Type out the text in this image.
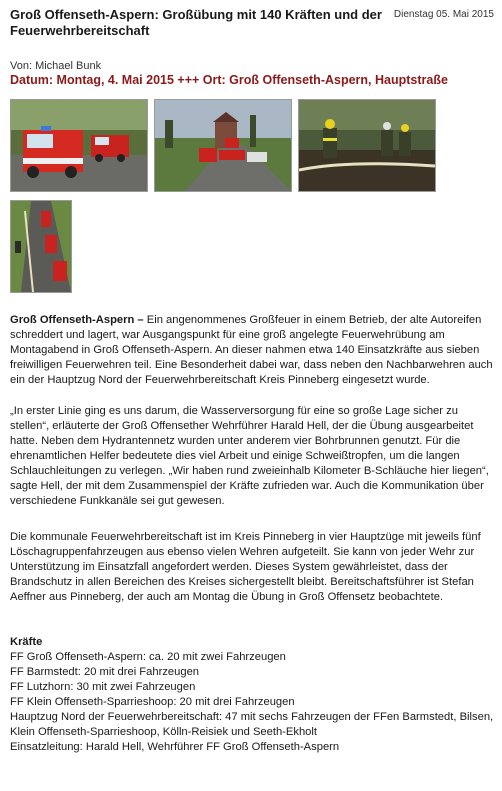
Dienstag 05. Mai 2015
Groß Offenseth-Aspern: Großübung mit 140 Kräften und der Feuerwehrbereitschaft
Von: Michael Bunk
Datum: Montag, 4. Mai 2015 +++ Ort: Groß Offenseth-Aspern, Hauptstraße

Groß Offenseth-Aspern – Ein angenommenes Großfeuer in einem Betrieb, der alte Autoreifen schreddert und lagert, war Ausgangspunkt für eine groß angelegte Feuerwehrübung am Montagabend in Groß Offenseth-Aspern. An dieser nahmen etwa 140 Einsatzkräfte aus sieben freiwilligen Feuerwehren teil. Eine Besonderheit dabei war, dass neben den Nachbarwehren auch ein der Hauptzug Nord der Feuerwehrbereitschaft Kreis Pinneberg eingesetzt wurde.

„In erster Linie ging es uns darum, die Wasserversorgung für eine so große Lage sicher zu stellen“, erläuterte der Groß Offensether Wehrführer Harald Hell, der die Übung ausgearbeitet hatte. Neben dem Hydrantennetz wurden unter anderem vier Bohrbrunnen genutzt. Für die ehrenamtlichen Helfer bedeutete dies viel Arbeit und einige Schweißtropfen, um die langen Schlauchleitungen zu verlegen. „Wir haben rund zweieinhalb Kilometer B-Schläuche hier liegen“, sagte Hell, der mit dem Zusammenspiel der Kräfte zufrieden war. Auch die Kommunikation über verschiedene Funkkanäle sei gut gewesen.

Die kommunale Feuerwehrbereitschaft ist im Kreis Pinneberg in vier Hauptzüge mit jeweils fünf Löschagruppenfahrzeugen aus ebenso vielen Wehren aufgeteilt. Sie kann von jeder Wehr zur Unterstützung im Einsatzfall angefordert werden. Dieses System gewährleistet, dass der Brandschutz in allen Bereichen des Kreises sichergestellt bleibt. Bereitschaftsführer ist Stefan Aeffner aus Pinneberg, der auch am Montag die Übung in Groß Offensetz beobachtete.

Kräfte
FF Groß Offenseth-Aspern: ca. 20 mit zwei Fahrzeugen
FF Barmstedt: 20 mit drei Fahrzeugen
FF Lutzhorn: 30 mit zwei Fahrzeugen
FF Klein Offenseth-Sparrieshoop: 20 mit drei Fahrzeugen
Hauptzug Nord der Feuerwehrbereitschaft: 47 mit sechs Fahrzeugen der FFen Barmstedt, Bilsen, Klein Offenseth-Sparrieshoop, Kölln-Reisiek und Seeth-Ekholt
Einsatzleitung: Harald Hell, Wehrführer FF Groß Offenseth-Aspern
